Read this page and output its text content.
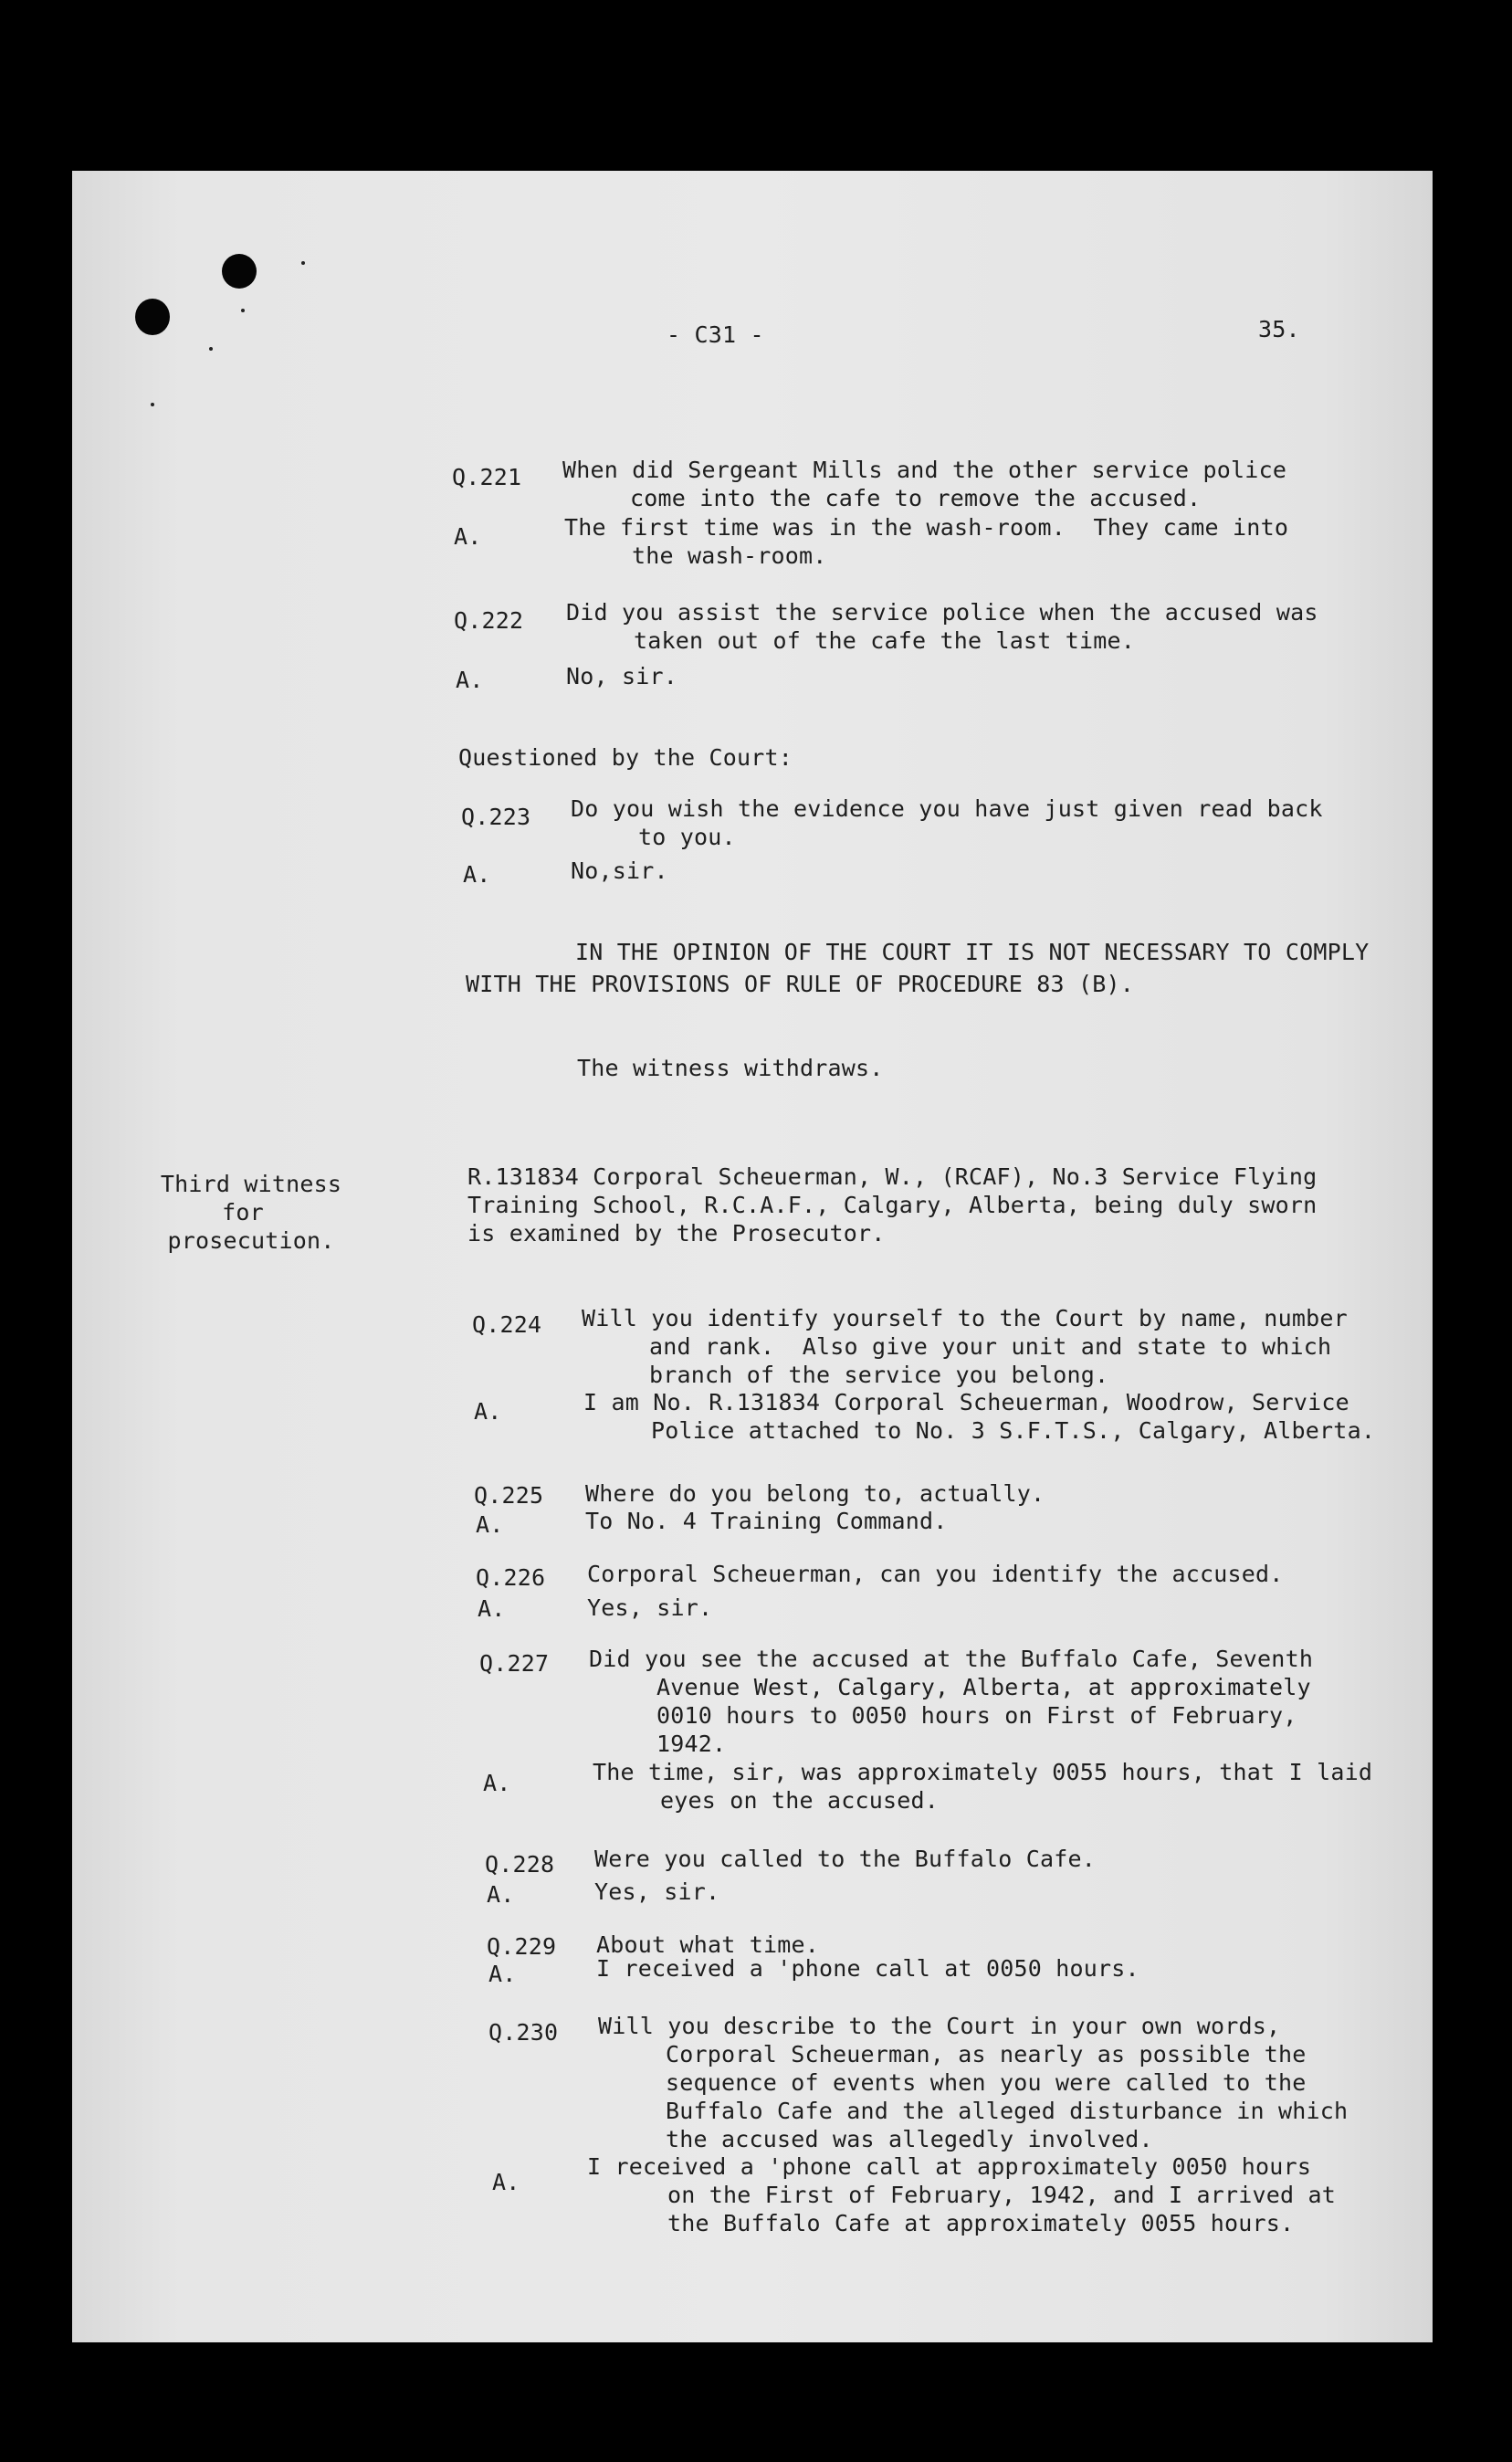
- C31 -	35.
Q.221 When did Sergeant Mills and the other service police
come into the cafe to remove the accused.
A.	The first time was in the wash-room.  They came into
the wash-room.
Q.222 Did you assist the service police when the accused was
taken out of the cafe the last time.
A.	No, sir.
Questioned by the Court:
Q.223 Do you wish the evidence you have just given read back
to you.
A.	No,sir.
IN THE OPINION OF THE COURT IT IS NOT NECESSARY TO COMPLY
WITH THE PROVISIONS OF RULE OF PROCEDURE 83 (B).
The witness withdraws.
Third witness
for
prosecution.
R.131834 Corporal Scheuerman, W., (RCAF), No.3 Service Flying
Training School, R.C.A.F., Calgary, Alberta, being duly sworn
is examined by the Prosecutor.
Q.224 Will you identify yourself to the Court by name, number
and rank.  Also give your unit and state to which
branch of the service you belong.
A.	I am No. R.131834 Corporal Scheuerman, Woodrow, Service
Police attached to No. 3 S.F.T.S., Calgary, Alberta.
Q.225 Where do you belong to, actually.
A.	To No. 4 Training Command.
Q.226 Corporal Scheuerman, can you identify the accused.
A.	Yes, sir.
Q.227 Did you see the accused at the Buffalo Cafe, Seventh
Avenue West, Calgary, Alberta, at approximately
0010 hours to 0050 hours on First of February,
1942.
A.	The time, sir, was approximately 0055 hours, that I laid
eyes on the accused.
Q.228 Were you called to the Buffalo Cafe.
A.	Yes, sir.
Q.229 About what time.
A.	I received a 'phone call at 0050 hours.
Q.230 Will you describe to the Court in your own words,
Corporal Scheuerman, as nearly as possible the
sequence of events when you were called to the
Buffalo Cafe and the alleged disturbance in which
the accused was allegedly involved.
A.
I received a 'phone call at approximately 0050 hours
on the First of February, 1942, and I arrived at
the Buffalo Cafe at approximately 0055 hours.
